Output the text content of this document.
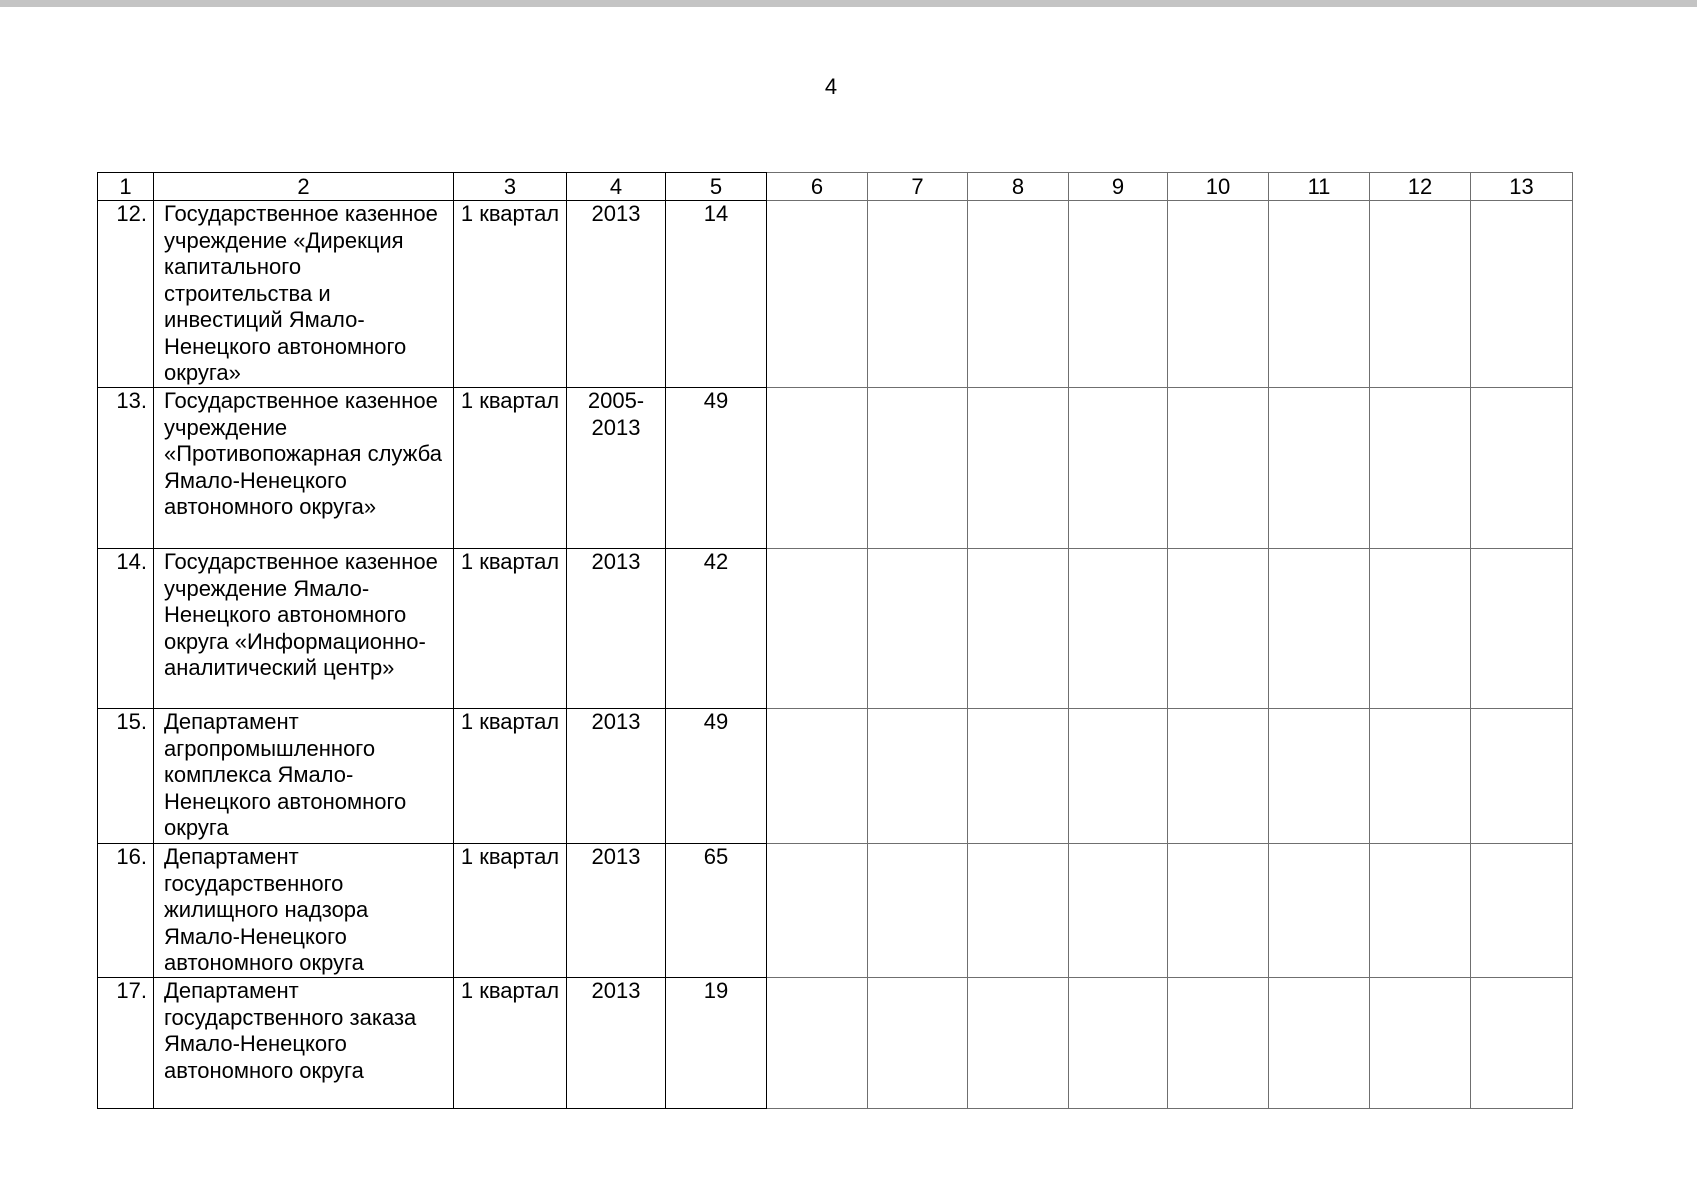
4
1	2	3	4	5	6	7	8	9	10	11	12	13
12.	Государственное казенное учреждение «Дирекция капитального строительства и инвестиций Ямало-Ненецкого автономного округа»	1 квартал	2013	14								
13.	Государственное казенное учреждение «Противопожарная служба Ямало-Ненецкого автономного округа»	1 квартал	2005-2013	49								
14.	Государственное казенное учреждение Ямало-Ненецкого автономного округа «Информационно-аналитический центр»	1 квартал	2013	42								
15.	Департамент агропромышленного комплекса Ямало-Ненецкого автономного округа	1 квартал	2013	49								
16.	Департамент государственного жилищного надзора Ямало-Ненецкого автономного округа	1 квартал	2013	65								
17.	Департамент государственного заказа Ямало-Ненецкого автономного округа	1 квартал	2013	19								
